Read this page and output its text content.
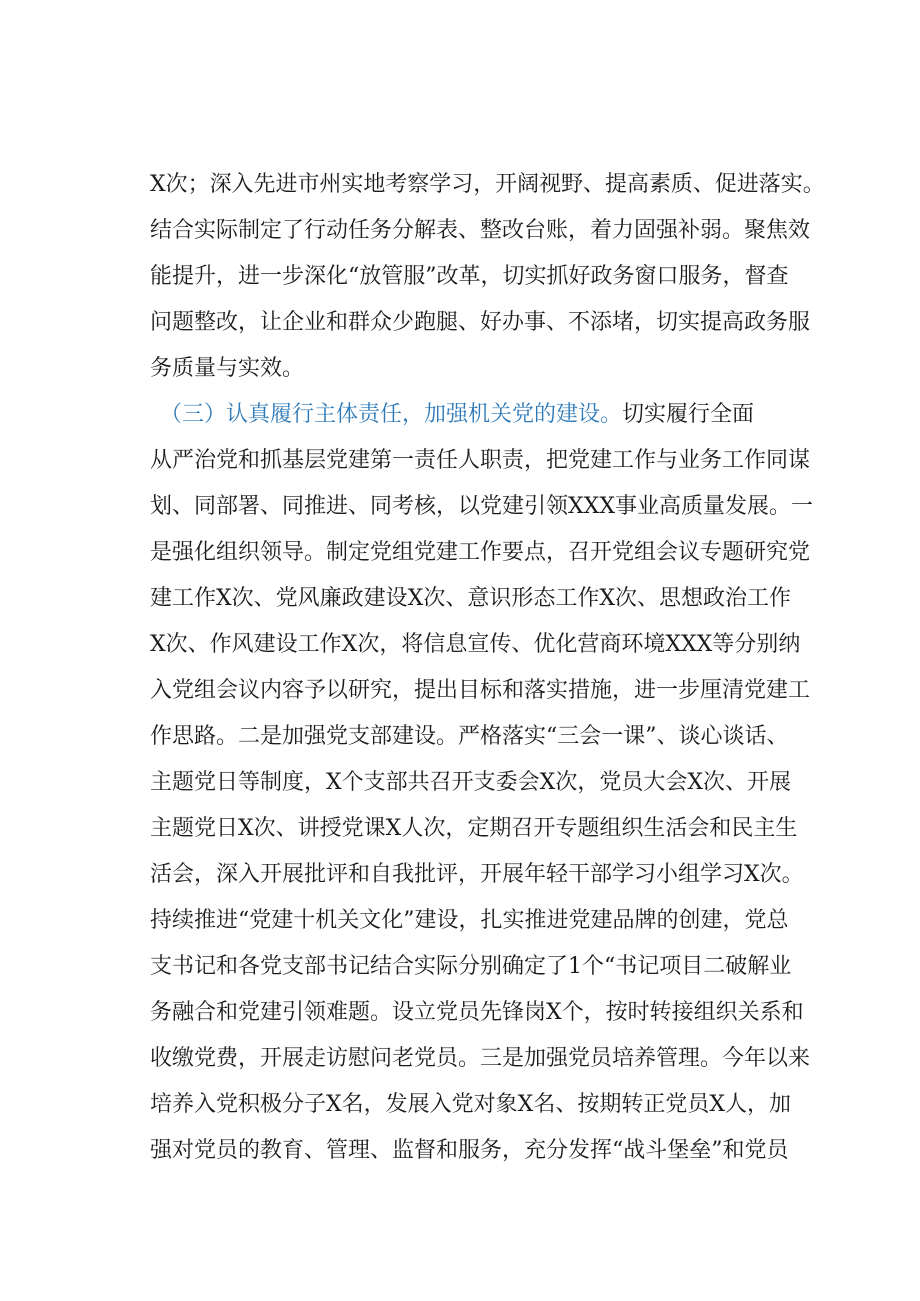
X次；深入先进市州实地考察学习，开阔视野、提高素质、促进落实。

结合实际制定了行动任务分解表、整改台账，着力固强补弱。聚焦效

能提升，进一步深化“放管服”改革，切实抓好政务窗口服务，督查

问题整改，让企业和群众少跑腿、好办事、不添堵，切实提高政务服

务质量与实效。

（三）认真履行主体责任，加强机关党的建设。切实履行全面

从严治党和抓基层党建第一责任人职责，把党建工作与业务工作同谋

划、同部署、同推进、同考核，以党建引领XXX事业高质量发展。一

是强化组织领导。制定党组党建工作要点，召开党组会议专题研究党

建工作X次、党风廉政建设X次、意识形态工作X次、思想政治工作

X次、作风建设工作X次，将信息宣传、优化营商环境XXX等分别纳

入党组会议内容予以研究，提出目标和落实措施，进一步厘清党建工

作思路。二是加强党支部建设。严格落实“三会一课”、谈心谈话、

主题党日等制度，X个支部共召开支委会X次，党员大会X次、开展

主题党日X次、讲授党课X人次，定期召开专题组织生活会和民主生

活会，深入开展批评和自我批评，开展年轻干部学习小组学习X次。

持续推进“党建十机关文化”建设，扎实推进党建品牌的创建，党总

支书记和各党支部书记结合实际分别确定了1个“书记项目二破解业

务融合和党建引领难题。设立党员先锋岗X个，按时转接组织关系和

收缴党费，开展走访慰问老党员。三是加强党员培养管理。今年以来

培养入党积极分子X名，发展入党对象X名、按期转正党员X人，加

强对党员的教育、管理、监督和服务，充分发挥“战斗堡垒”和党员
